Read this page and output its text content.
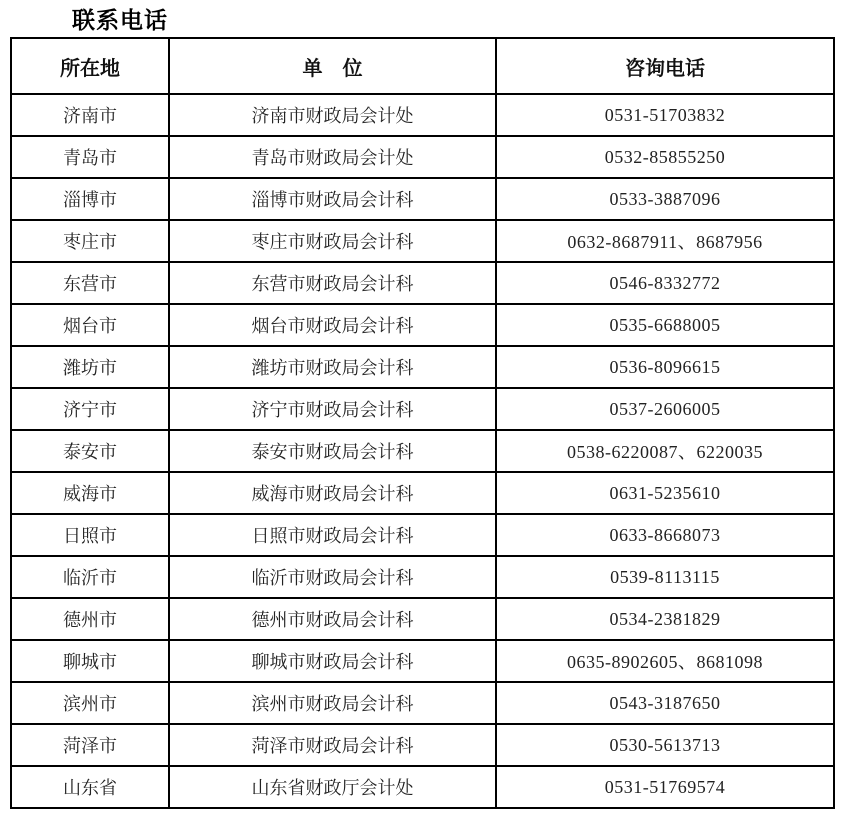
联系电话
所在地	单　位	咨询电话
济南市	济南市财政局会计处	0531-51703832
青岛市	青岛市财政局会计处	0532-85855250
淄博市	淄博市财政局会计科	0533-3887096
枣庄市	枣庄市财政局会计科	0632-8687911、8687956
东营市	东营市财政局会计科	0546-8332772
烟台市	烟台市财政局会计科	0535-6688005
潍坊市	潍坊市财政局会计科	0536-8096615
济宁市	济宁市财政局会计科	0537-2606005
泰安市	泰安市财政局会计科	0538-6220087、6220035
威海市	威海市财政局会计科	0631-5235610
日照市	日照市财政局会计科	0633-8668073
临沂市	临沂市财政局会计科	0539-8113115
德州市	德州市财政局会计科	0534-2381829
聊城市	聊城市财政局会计科	0635-8902605、8681098
滨州市	滨州市财政局会计科	0543-3187650
菏泽市	菏泽市财政局会计科	0530-5613713
山东省	山东省财政厅会计处	0531-51769574
